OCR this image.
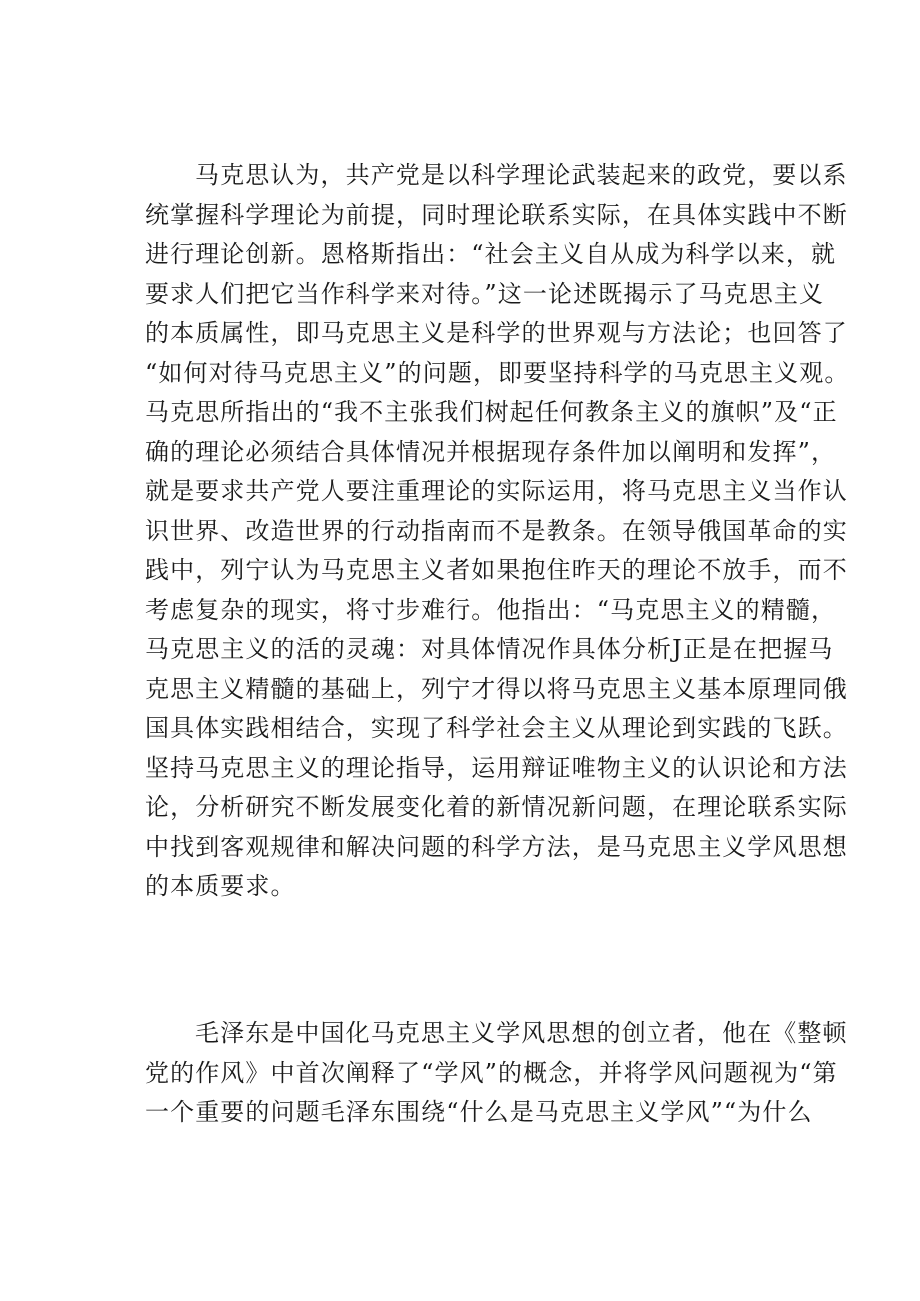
马克思认为，共产党是以科学理论武装起来的政党，要以系
统掌握科学理论为前提，同时理论联系实际，在具体实践中不断
进行理论创新。恩格斯指出：“社会主义自从成为科学以来，就
要求人们把它当作科学来对待。”这一论述既揭示了马克思主义
的本质属性，即马克思主义是科学的世界观与方法论；也回答了
“如何对待马克思主义”的问题，即要坚持科学的马克思主义观。
马克思所指出的“我不主张我们树起任何教条主义的旗帜”及“正
确的理论必须结合具体情况并根据现存条件加以阐明和发挥”，
就是要求共产党人要注重理论的实际运用，将马克思主义当作认
识世界、改造世界的行动指南而不是教条。在领导俄国革命的实
践中，列宁认为马克思主义者如果抱住昨天的理论不放手，而不
考虑复杂的现实，将寸步难行。他指出：“马克思主义的精髓，
马克思主义的活的灵魂：对具体情况作具体分析J正是在把握马
克思主义精髓的基础上，列宁才得以将马克思主义基本原理同俄
国具体实践相结合，实现了科学社会主义从理论到实践的飞跃。
坚持马克思主义的理论指导，运用辩证唯物主义的认识论和方法
论，分析研究不断发展变化着的新情况新问题，在理论联系实际
中找到客观规律和解决问题的科学方法，是马克思主义学风思想
的本质要求。
毛泽东是中国化马克思主义学风思想的创立者，他在《整顿
党的作风》中首次阐释了“学风”的概念，并将学风问题视为“第
一个重要的问题毛泽东围绕“什么是马克思主义学风”“为什么
